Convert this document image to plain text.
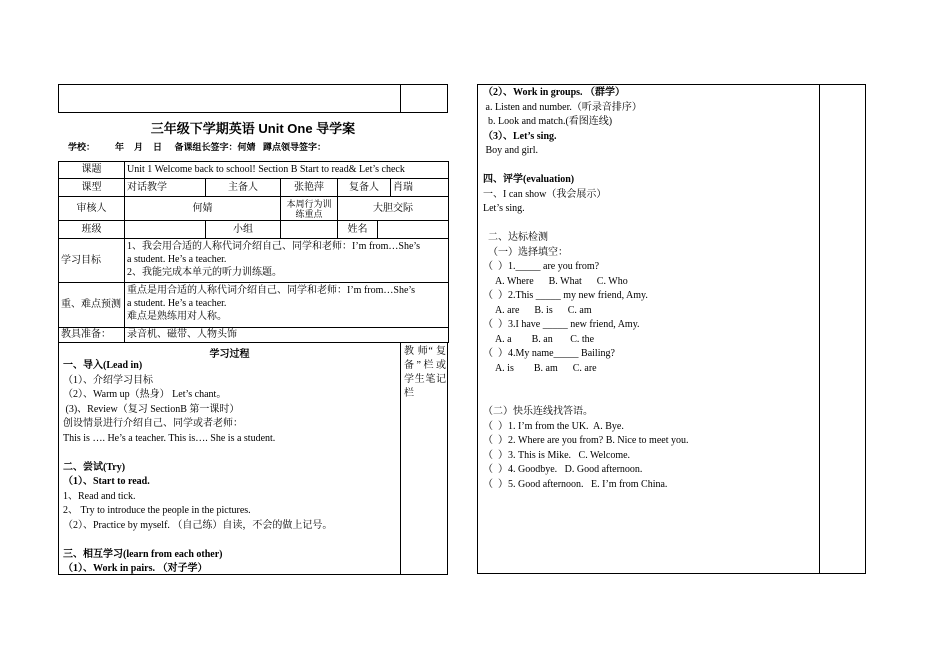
三年级下学期英语 Unit One 导学案
学校：        年    月    日     备课组长签字：何婧   蹲点领导签字：
课题	Unit 1 Welcome back to school! Section B Start to read& Let’s check					
课型	对话教学	主备人	张艳萍	复备人		肖瑞
审核人	何婧		本周行为训练重点	大胆交际		
班级		小组		姓名		
学习目标	1、我会用合适的人称代词介绍自己、同学和老师：I’m from…She’s
a student. He’s a teacher.
2、我能完成本单元的听力训练题。					

重、难点预测	重点是用合适的人称代词介绍自己、同学和老师：I’m from…She’s
a student. He’s a teacher.
难点是熟练用对人称。					

教具准备：	录音机、磁带、人物头饰					
学习过程	教 师“ 复备”栏或学生笔记栏
一、导入(Lead in)
（1）、介绍学习目标
（2）、Warm up（热身） Let’s chant。
(3)、Review（复习 SectionB 第一课时）
创设情景进行介绍自己、同学或者老师：
This is …. He’s a teacher. This is…. She is a student.
二、尝试(Try)
（1）、Start to read.
1、Read and tick.
2、 Try to introduce the people in the pictures.
（2）、Practice by myself. （自己练）自读，不会的做上记号。
三、相互学习(learn from each other)
（1）、Work in pairs. （对子学）
（2）、Work in groups. （群学）
a. Listen and number.（听录音排序）
b. Look and match.(看图连线)
（3）、Let’s sing.
Boy and girl.
四、评学(evaluation)
一、I can show（我会展示）
Let’s sing.
二、达标检测
（一）选择填空：
（  ）1._____ are you from?
A. Where      B. What      C. Who
（  ）2.This _____ my new friend, Amy.
A. are      B. is      C. am
（  ）3.I have _____ new friend, Amy.
A. a        B. an       C. the
（  ）4.My name_____ Bailing?
A. is        B. am      C. are
（二）快乐连线找答语。
（  ）1. I’m from the UK.  A. Bye.
（  ）2. Where are you from? B. Nice to meet you.
（  ）3. This is Mike.   C. Welcome.
（  ）4. Goodbye.   D. Good afternoon.
（  ）5. Good afternoon.   E. I’m from China.
